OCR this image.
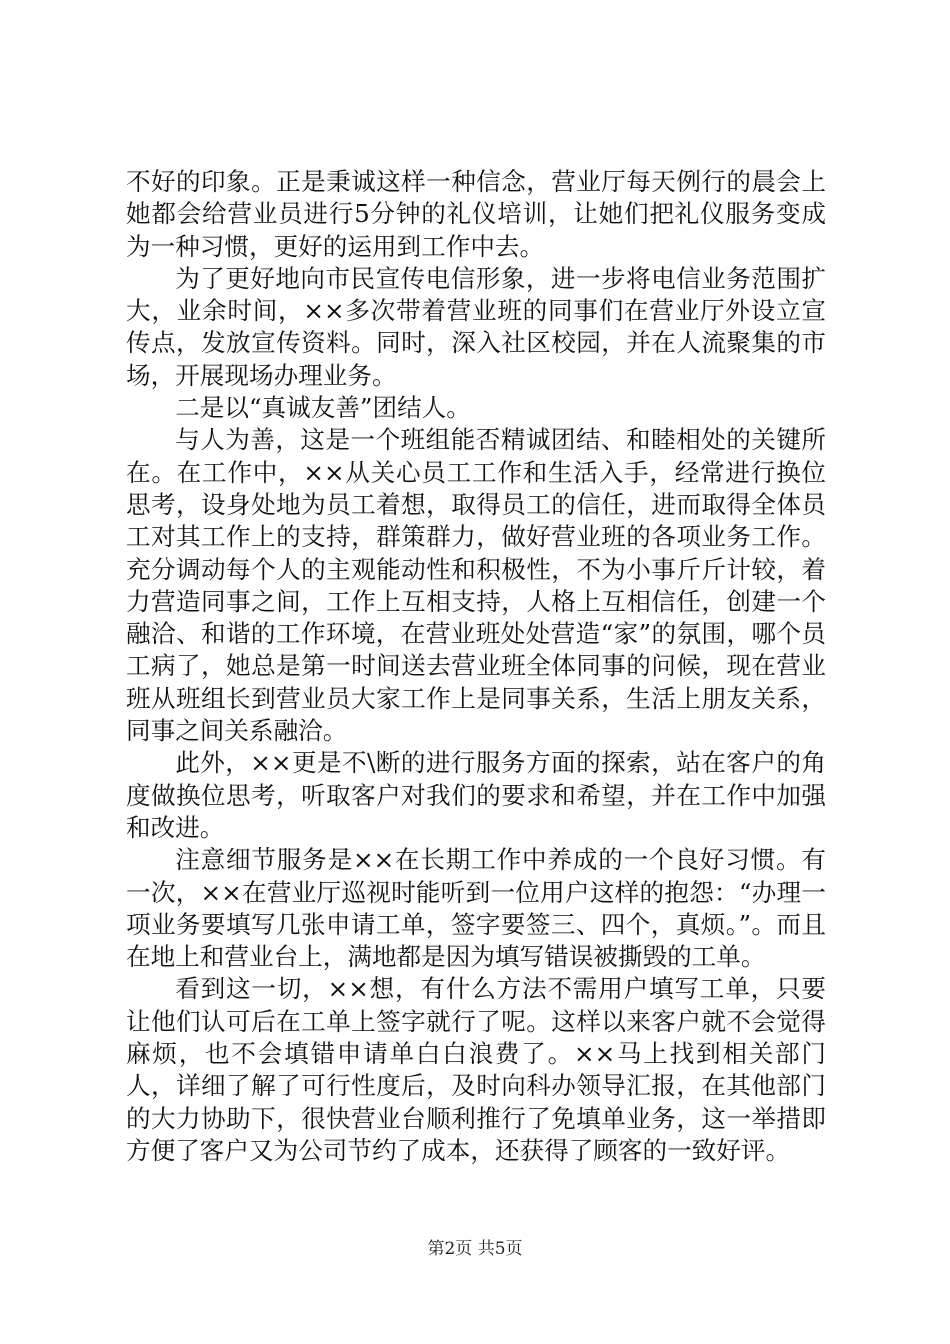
不好的印象。正是秉诚这样一种信念，营业厅每天例行的晨会上她都会给营业员进行5分钟的礼仪培训，让她们把礼仪服务变成为一种习惯，更好的运用到工作中去。

为了更好地向市民宣传电信形象，进一步将电信业务范围扩大，业余时间，××多次带着营业班的同事们在营业厅外设立宣传点，发放宣传资料。同时，深入社区校园，并在人流聚集的市场，开展现场办理业务。

二是以“真诚友善”团结人。

与人为善，这是一个班组能否精诚团结、和睦相处的关键所在。在工作中，××从关心员工工作和生活入手，经常进行换位思考，设身处地为员工着想，取得员工的信任，进而取得全体员工对其工作上的支持，群策群力，做好营业班的各项业务工作。充分调动每个人的主观能动性和积极性，不为小事斤斤计较，着力营造同事之间，工作上互相支持，人格上互相信任，创建一个融洽、和谐的工作环境，在营业班处处营造“家”的氛围，哪个员工病了，她总是第一时间送去营业班全体同事的问候，现在营业班从班组长到营业员大家工作上是同事关系，生活上朋友关系，同事之间关系融洽。

此外，××更是不\断的进行服务方面的探索，站在客户的角度做换位思考，听取客户对我们的要求和希望，并在工作中加强和改进。

注意细节服务是××在长期工作中养成的一个良好习惯。有一次，××在营业厅巡视时能听到一位用户这样的抱怨：“办理一项业务要填写几张申请工单，签字要签三、四个，真烦。”。而且在地上和营业台上，满地都是因为填写错误被撕毁的工单。

看到这一切，××想，有什么方法不需用户填写工单，只要让他们认可后在工单上签字就行了呢。这样以来客户就不会觉得麻烦，也不会填错申请单白白浪费了。××马上找到相关部门人，详细了解了可行性度后，及时向科办领导汇报，在其他部门的大力协助下，很快营业台顺利推行了免填单业务，这一举措即方便了客户又为公司节约了成本，还获得了顾客的一致好评。

第2页 共5页
